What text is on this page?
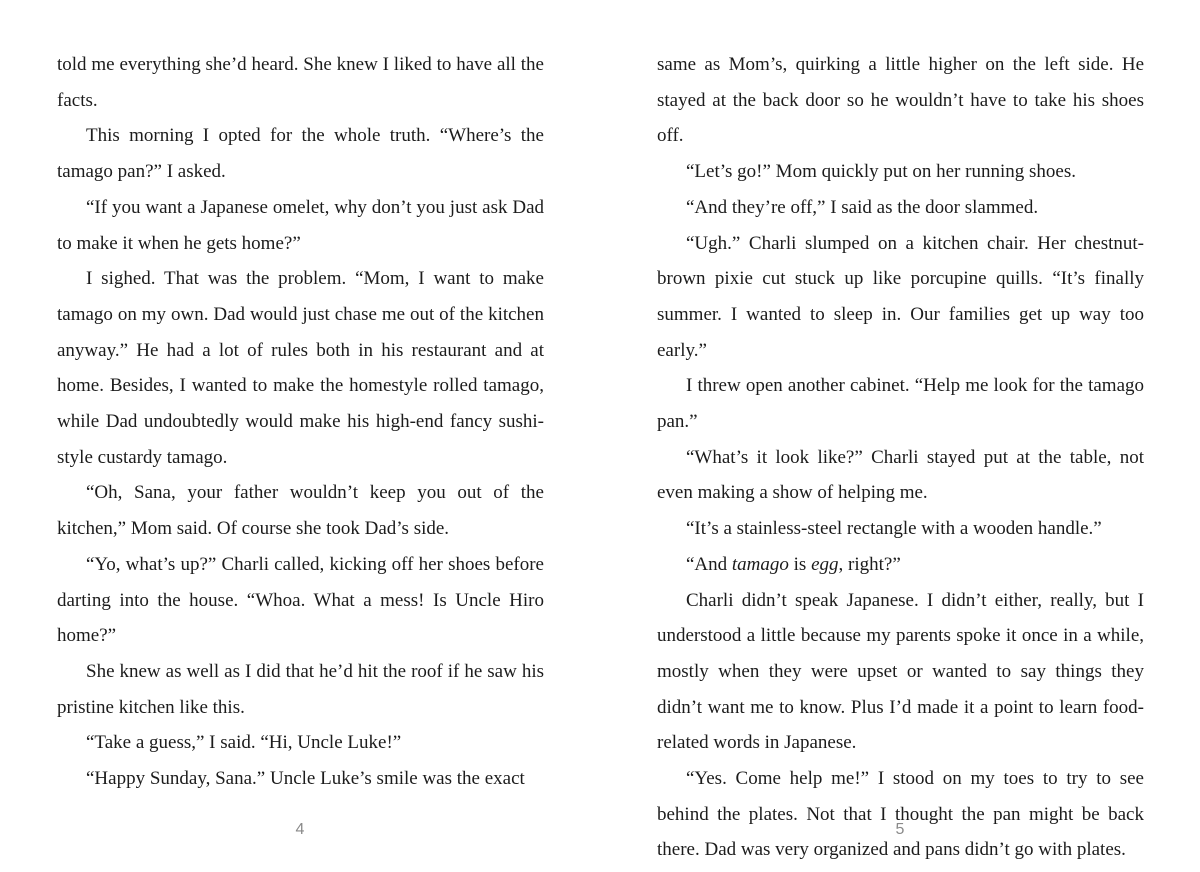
told me everything she’d heard. She knew I liked to have all the facts.

This morning I opted for the whole truth. “Where’s the tamago pan?” I asked.

“If you want a Japanese omelet, why don’t you just ask Dad to make it when he gets home?”

I sighed. That was the problem. “Mom, I want to make tamago on my own. Dad would just chase me out of the kitchen anyway.” He had a lot of rules both in his restaurant and at home. Besides, I wanted to make the homestyle rolled tamago, while Dad undoubtedly would make his high-end fancy sushi-style custardy tamago.

“Oh, Sana, your father wouldn’t keep you out of the kitchen,” Mom said. Of course she took Dad’s side.

“Yo, what’s up?” Charli called, kicking off her shoes before darting into the house. “Whoa. What a mess! Is Uncle Hiro home?”

She knew as well as I did that he’d hit the roof if he saw his pristine kitchen like this.

“Take a guess,” I said. “Hi, Uncle Luke!”

“Happy Sunday, Sana.” Uncle Luke’s smile was the exact

same as Mom’s, quirking a little higher on the left side. He stayed at the back door so he wouldn’t have to take his shoes off.

“Let’s go!” Mom quickly put on her running shoes.

“And they’re off,” I said as the door slammed.

“Ugh.” Charli slumped on a kitchen chair. Her chestnut-brown pixie cut stuck up like porcupine quills. “It’s finally summer. I wanted to sleep in. Our families get up way too early.”

I threw open another cabinet. “Help me look for the tamago pan.”

“What’s it look like?” Charli stayed put at the table, not even making a show of helping me.

“It’s a stainless-steel rectangle with a wooden handle.”

“And tamago is egg, right?”

Charli didn’t speak Japanese. I didn’t either, really, but I understood a little because my parents spoke it once in a while, mostly when they were upset or wanted to say things they didn’t want me to know. Plus I’d made it a point to learn food-related words in Japanese.

“Yes. Come help me!” I stood on my toes to try to see behind the plates. Not that I thought the pan might be back there. Dad was very organized and pans didn’t go with plates.

4	5
